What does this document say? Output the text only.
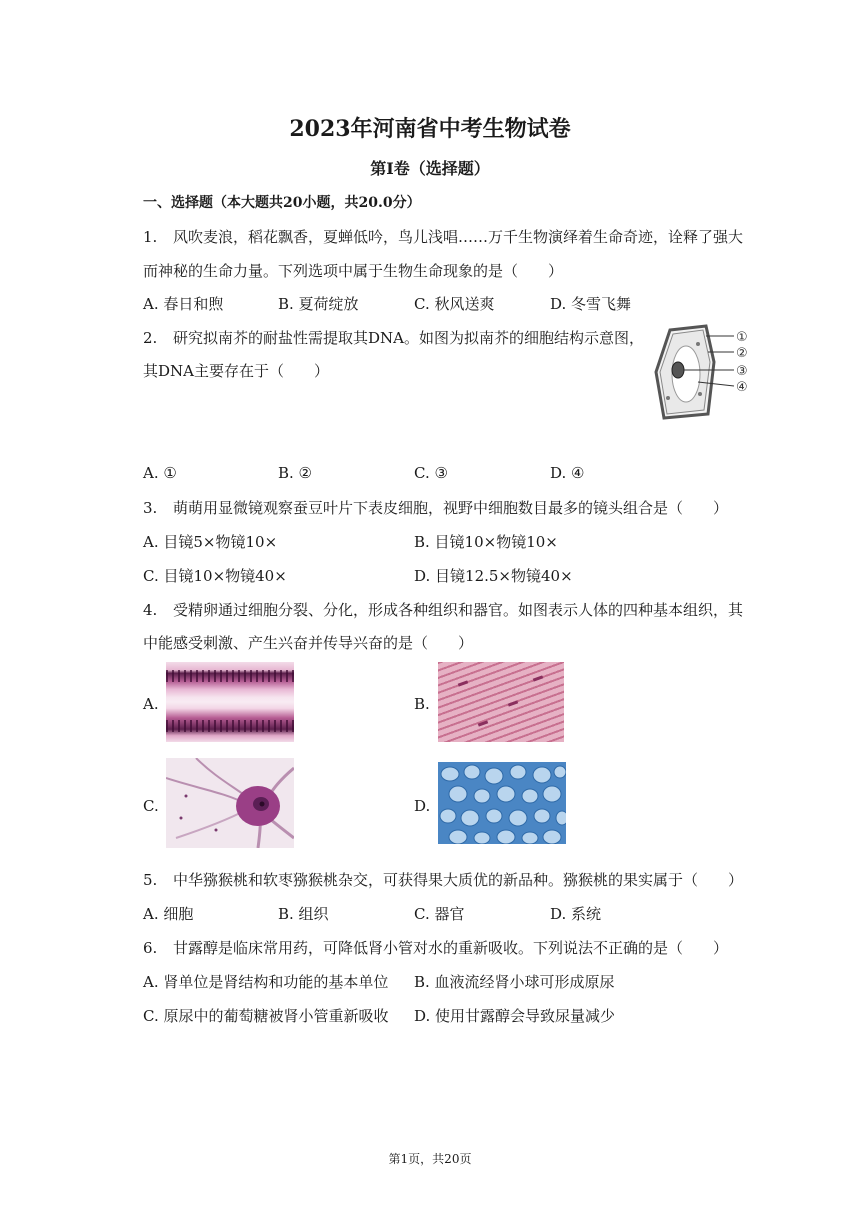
2023年河南省中考生物试卷
第I卷（选择题）
一、选择题（本大题共20小题，共20.0分）
1. 风吹麦浪，稻花飘香，夏蝉低吟，鸟儿浅唱……万千生物演绎着生命奇迹，诠释了强大
而神秘的生命力量。下列选项中属于生物生命现象的是（　　）
A. 春日和煦	B. 夏荷绽放	C. 秋风送爽	D. 冬雪飞舞
2. 研究拟南芥的耐盐性需提取其DNA。如图为拟南芥的细胞结构示意图，
其DNA主要存在于（　　）
①
②
③
④
A. ①	B. ②	C. ③	D. ④
3. 萌萌用显微镜观察蚕豆叶片下表皮细胞，视野中细胞数目最多的镜头组合是（　　）
A. 目镜5×物镜10×	B. 目镜10×物镜10×
C. 目镜10×物镜40×	D. 目镜12.5×物镜40×
4. 受精卵通过细胞分裂、分化，形成各种组织和器官。如图表示人体的四种基本组织，其
中能感受刺激、产生兴奋并传导兴奋的是（　　）
A.	B.
C.	D.
5. 中华猕猴桃和软枣猕猴桃杂交，可获得果大质优的新品种。猕猴桃的果实属于（　　）
A. 细胞	B. 组织	C. 器官	D. 系统
6. 甘露醇是临床常用药，可降低肾小管对水的重新吸收。下列说法不正确的是（　　）
A. 肾单位是肾结构和功能的基本单位 B. 血液流经肾小球可形成原尿
C. 原尿中的葡萄糖被肾小管重新吸收 D. 使用甘露醇会导致尿量减少
第1页，共20页
